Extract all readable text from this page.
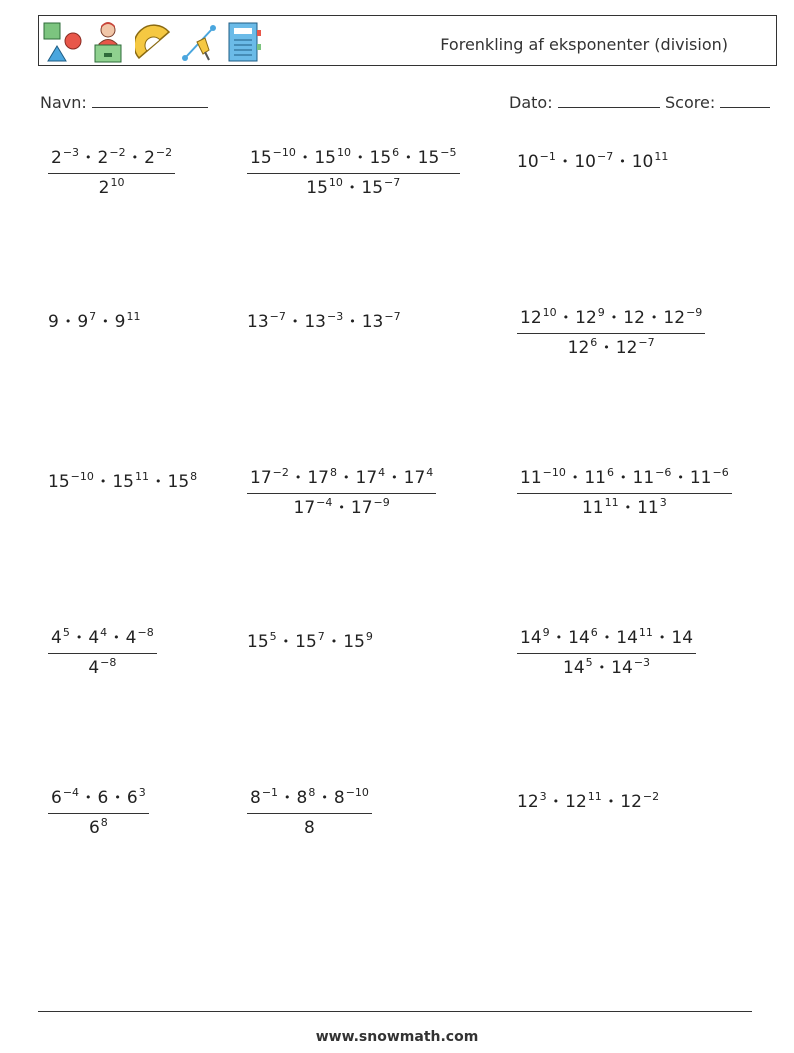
Forenkling af eksponenter (division)
Navn:	Dato:	Score:
$\frac{2^{-3} • 2^{-2} • 2^{-2}}{2^{10}}$	$\frac{15^{-10} • 15^{10} • 15^6 • 15^{-5}}{15^{10} • 15^{-7}}$	$10^{-1}$ • $10^{-7}$ • $10^{11}$
9 • $9^7$ • $9^{11}$	$13^{-7}$ • $13^{-3}$ • $13^{-7}$	$\frac{12^{10} • 12^9 • 12 • 12^{-9}}{12^6 • 12^{-7}}$
$15^{-10}$ • $15^{11}$ • $15^8$	$\frac{17^{-2} • 17^8 • 17^4 • 17^4}{17^{-4} • 17^{-9}}$	$\frac{11^{-10} • 11^6 • 11^{-6} • 11^{-6}}{11^{11} • 11^3}$
$\frac{4^5 • 4^4 • 4^{-8}}{4^{-8}}$	$15^5$ • $15^7$ • $15^9$	$\frac{14^9 • 14^6 • 14^{11} • 14}{14^5 • 14^{-3}}$
$\frac{6^{-4} • 6 • 6^3}{6^8}$	$\frac{8^{-1} • 8^8 • 8^{-10}}{8}$	$12^3$ • $12^{11}$ • $12^{-2}$
www.snowmath.com
